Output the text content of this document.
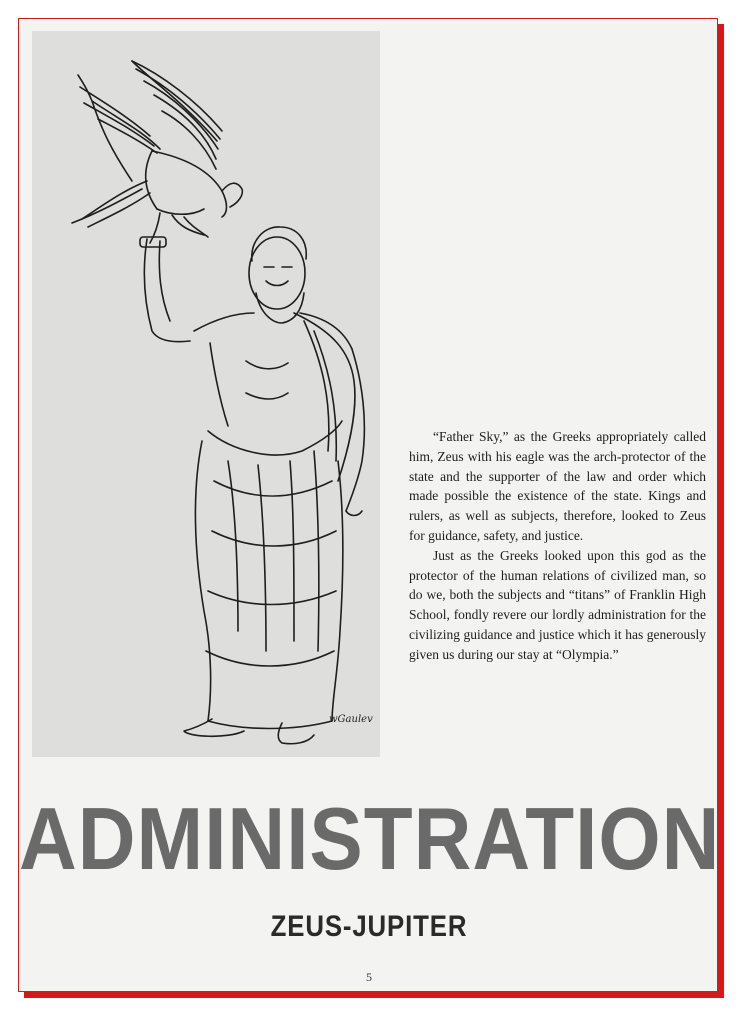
wGaulev

“Father Sky,” as the Greeks appropriately called him, Zeus with his eagle was the arch-protector of the state and the supporter of the law and order which made possible the existence of the state. Kings and rulers, as well as subjects, therefore, looked to Zeus for guidance, safety, and justice.

Just as the Greeks looked upon this god as the protector of the human relations of civilized man, so do we, both the subjects and “titans” of Franklin High School, fondly revere our lordly administration for the civilizing guidance and justice which it has generously given us during our stay at “Olympia.”

ADMINISTRATION
ZEUS-JUPITER
5
